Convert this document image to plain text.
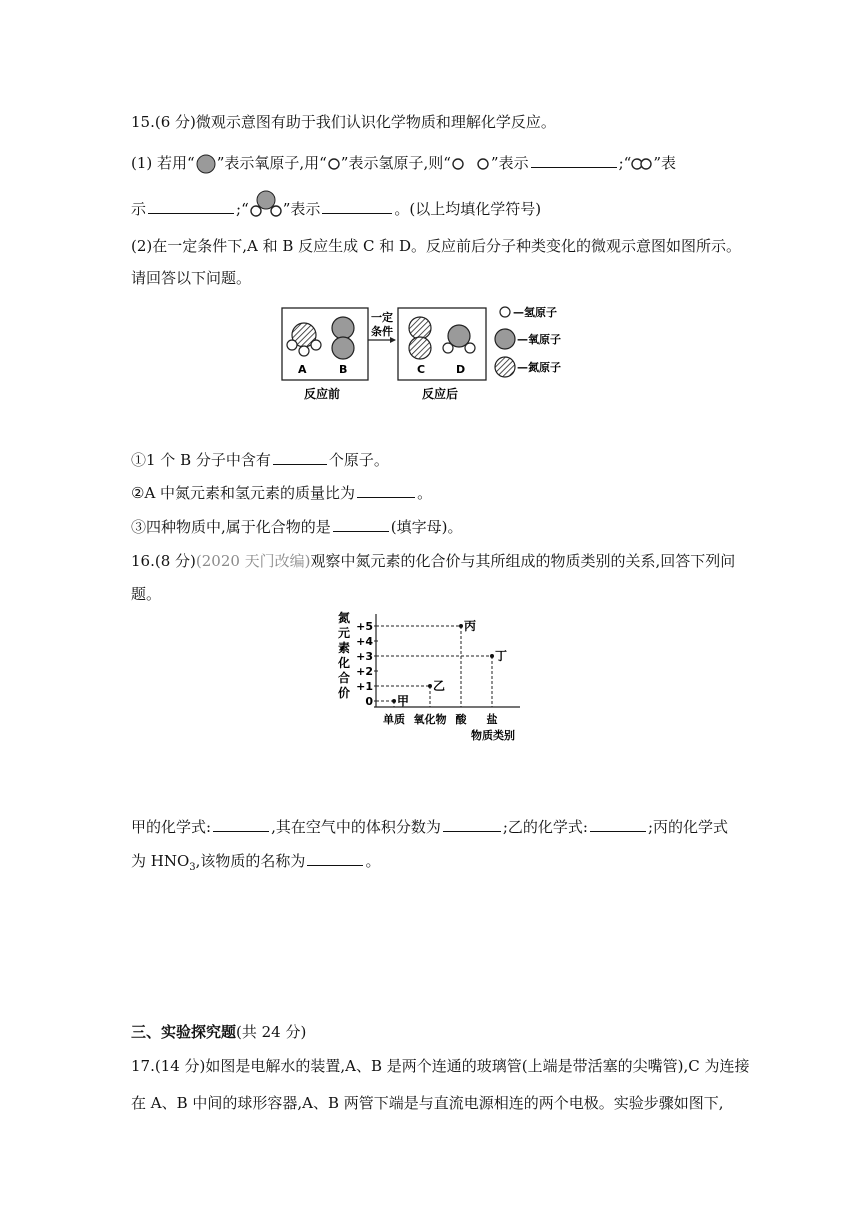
15.(6 分)微观示意图有助于我们认识化学物质和理解化学反应。
(1) 若用“ ”表示氧原子,用“ ”表示氢原子,则“	”表示	;“ ”表
示	;“ ”表示	。(以上均填化学符号)
(2)在一定条件下,A 和 B 反应生成 C 和 D。反应前后分子种类变化的微观示意图如图所示。
请回答以下问题。
A	B
反应前
一定
条件
C	D
反应后
—氢原子
—氧原子
—氮原子
①1 个 B 分子中含有	个原子。
②A 中氮元素和氢元素的质量比为	。
③四种物质中,属于化合物的是	(填字母)。
16.(8 分)(2020 天门改编)观察中氮元素的化合价与其所组成的物质类别的关系,回答下列问
题。
氮
元
素
化
合
价
0
+1
+2
+3
+4
+5
单质 氧化物 酸 盐
甲
乙
丙
丁
物质类别
甲的化学式:	,其在空气中的体积分数为	;乙的化学式:	;丙的化学式
为 $HNO_3$,该物质的名称为	。
三、实验探究题(共 24 分)
17.(14 分)如图是电解水的装置,A、B 是两个连通的玻璃管(上端是带活塞的尖嘴管),C 为连接
在 A、B 中间的球形容器,A、B 两管下端是与直流电源相连的两个电极。实验步骤如图下,
